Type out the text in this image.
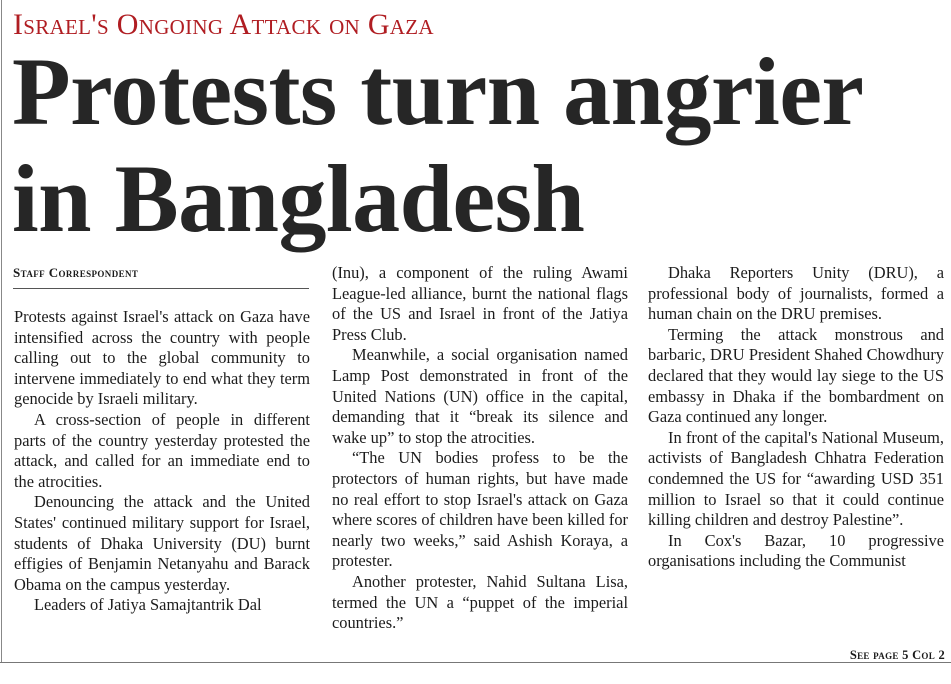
Israel's Ongoing Attack on Gaza
Protests turn angrier
in Bangladesh
Staff Correspondent

Protests against Israel's attack on Gaza have intensified across the country with people calling out to the global community to intervene immediately to end what they term genocide by Israeli military.

A cross-section of people in different parts of the country yesterday protested the attack, and called for an immediate end to the atrocities.

Denouncing the attack and the United States' continued military support for Israel, students of Dhaka University (DU) burnt effigies of Benjamin Netanyahu and Barack Obama on the campus yesterday.

Leaders of Jatiya Samajtantrik Dal

(Inu), a component of the ruling Awami League-led alliance, burnt the national flags of the US and Israel in front of the Jatiya Press Club.

Meanwhile, a social organisation named Lamp Post demonstrated in front of the United Nations (UN) office in the capital, demanding that it “break its silence and wake up” to stop the atrocities.

“The UN bodies profess to be the protectors of human rights, but have made no real effort to stop Israel's attack on Gaza where scores of children have been killed for nearly two weeks,” said Ashish Koraya, a protester.

Another protester, Nahid Sultana Lisa, termed the UN a “puppet of the imperial countries.”

Dhaka Reporters Unity (DRU), a professional body of journalists, formed a human chain on the DRU premises.

Terming the attack monstrous and barbaric, DRU President Shahed Chowdhury declared that they would lay siege to the US embassy in Dhaka if the bombardment on Gaza continued any longer.

In front of the capital's National Museum, activists of Bangladesh Chhatra Federation condemned the US for “awarding USD 351 million to Israel so that it could continue killing children and destroy Palestine”.

In Cox's Bazar, 10 progressive organisations including the Communist

See page 5 Col 2
